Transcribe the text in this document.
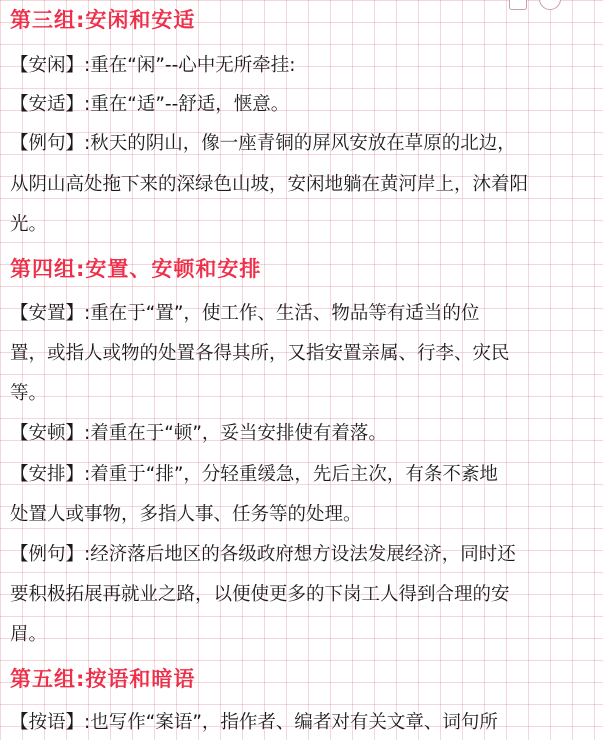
第三组:安闲和安适
【安闲】:重在“闲”--心中无所牵挂:
【安适】:重在“适”--舒适，惬意。
【例句】:秋天的阴山，像一座青铜的屏风安放在草原的北边，
从阴山高处拖下来的深绿色山坡，安闲地躺在黄河岸上，沐着阳
光。
第四组:安置、安顿和安排
【安置】:重在于“置”，使工作、生活、物品等有适当的位
置，或指人或物的处置各得其所，又指安置亲属、行李、灾民
等。
【安顿】:着重在于“顿”，妥当安排使有着落。
【安排】:着重于“排”，分轻重缓急，先后主次，有条不紊地
处置人或事物，多指人事、任务等的处理。
【例句】:经济落后地区的各级政府想方设法发展经济，同时还
要积极拓展再就业之路，以便使更多的下岗工人得到合理的安
眉。
第五组:按语和暗语
【按语】:也写作“案语”，指作者、编者对有关文章、词句所
